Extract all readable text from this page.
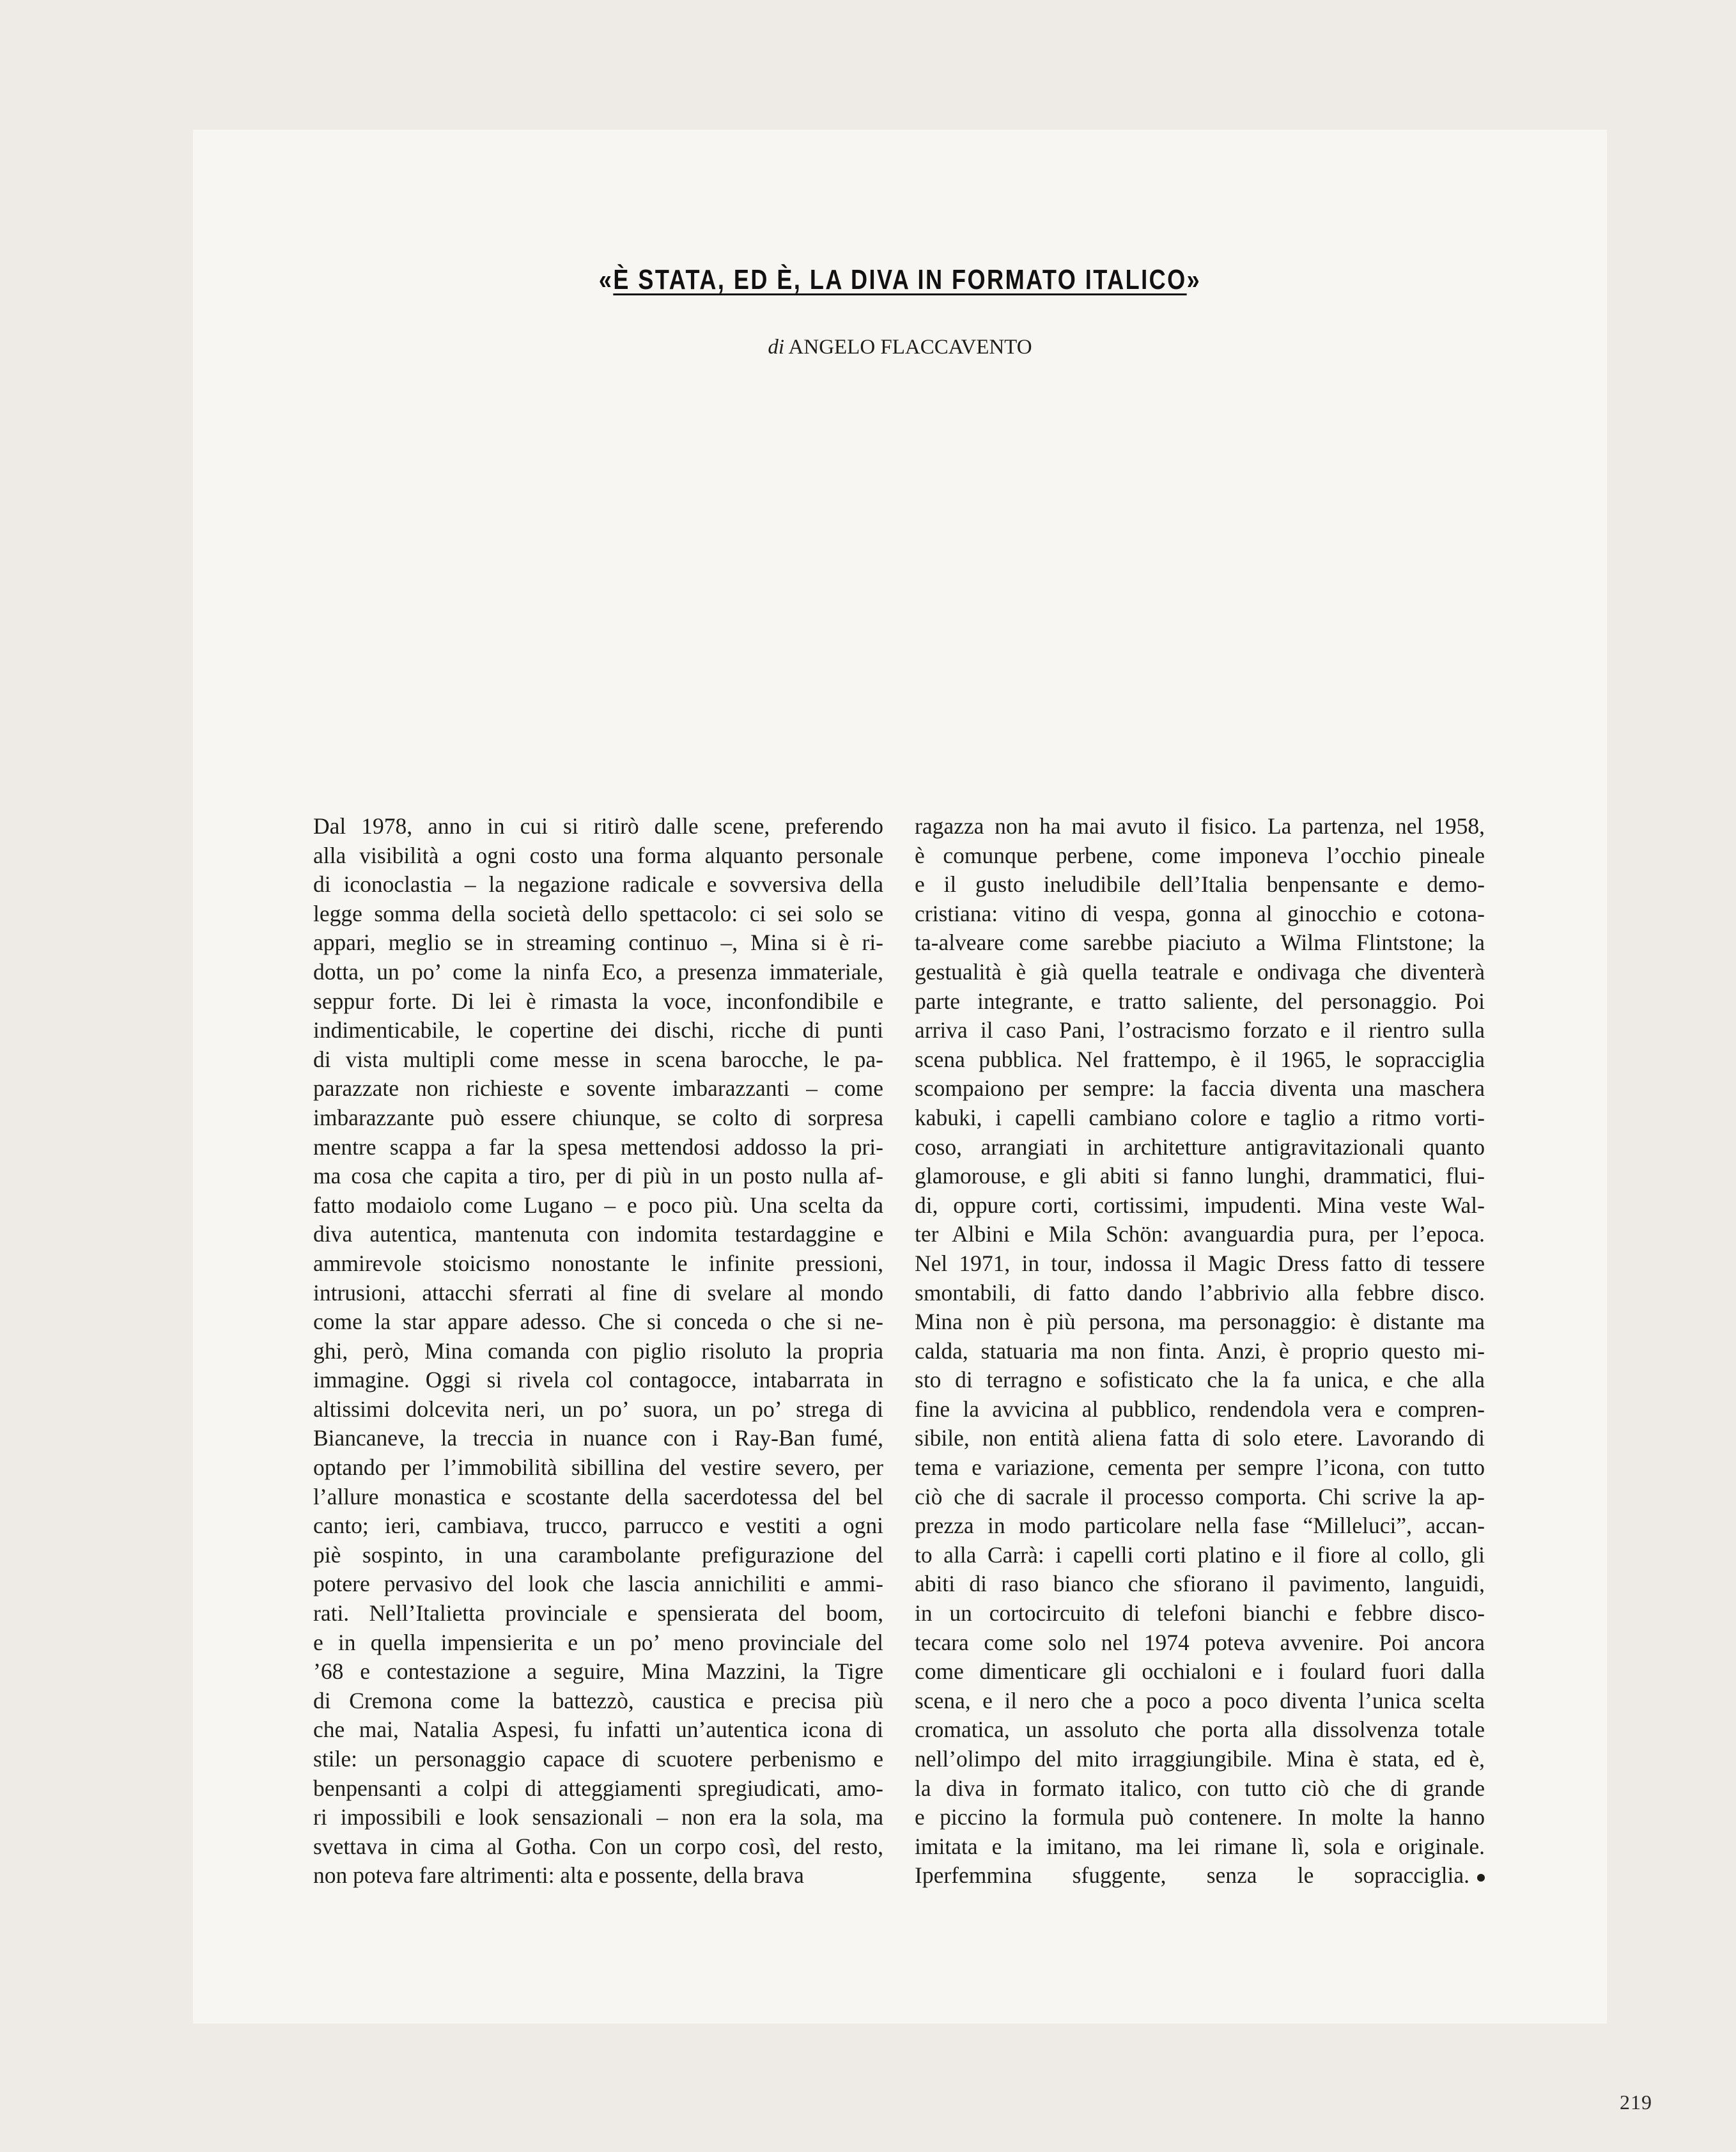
«È STATA, ED È, LA DIVA IN FORMATO ITALICO»
di ANGELO FLACCAVENTO
Dal 1978, anno in cui si ritirò dalle scene, preferendo
alla visibilità a ogni costo una forma alquanto personale
di iconoclastia – la negazione radicale e sovversiva della
legge somma della società dello spettacolo: ci sei solo se
appari, meglio se in streaming continuo –, Mina si è ri-
dotta, un po’ come la ninfa Eco, a presenza immateriale,
seppur forte. Di lei è rimasta la voce, inconfondibile e
indimenticabile, le copertine dei dischi, ricche di punti
di vista multipli come messe in scena barocche, le pa-
parazzate non richieste e sovente imbarazzanti – come
imbarazzante può essere chiunque, se colto di sorpresa
mentre scappa a far la spesa mettendosi addosso la pri-
ma cosa che capita a tiro, per di più in un posto nulla af-
fatto modaiolo come Lugano – e poco più. Una scelta da
diva autentica, mantenuta con indomita testardaggine e
ammirevole stoicismo nonostante le infinite pressioni,
intrusioni, attacchi sferrati al fine di svelare al mondo
come la star appare adesso. Che si conceda o che si ne-
ghi, però, Mina comanda con piglio risoluto la propria
immagine. Oggi si rivela col contagocce, intabarrata in
altissimi dolcevita neri, un po’ suora, un po’ strega di
Biancaneve, la treccia in nuance con i Ray-Ban fumé,
optando per l’immobilità sibillina del vestire severo, per
l’allure monastica e scostante della sacerdotessa del bel
canto; ieri, cambiava, trucco, parrucco e vestiti a ogni
piè sospinto, in una carambolante prefigurazione del
potere pervasivo del look che lascia annichiliti e ammi-
rati. Nell’Italietta provinciale e spensierata del boom,
e in quella impensierita e un po’ meno provinciale del
’68 e contestazione a seguire, Mina Mazzini, la Tigre
di Cremona come la battezzò, caustica e precisa più
che mai, Natalia Aspesi, fu infatti un’autentica icona di
stile: un personaggio capace di scuotere perbenismo e
benpensanti a colpi di atteggiamenti spregiudicati, amo-
ri impossibili e look sensazionali – non era la sola, ma
svettava in cima al Gotha. Con un corpo così, del resto,
non poteva fare altrimenti: alta e possente, della brava
ragazza non ha mai avuto il fisico. La partenza, nel 1958,
è comunque perbene, come imponeva l’occhio pineale
e il gusto ineludibile dell’Italia benpensante e demo-
cristiana: vitino di vespa, gonna al ginocchio e cotona-
ta-alveare come sarebbe piaciuto a Wilma Flintstone; la
gestualità è già quella teatrale e ondivaga che diventerà
parte integrante, e tratto saliente, del personaggio. Poi
arriva il caso Pani, l’ostracismo forzato e il rientro sulla
scena pubblica. Nel frattempo, è il 1965, le sopracciglia
scompaiono per sempre: la faccia diventa una maschera
kabuki, i capelli cambiano colore e taglio a ritmo vorti-
coso, arrangiati in architetture antigravitazionali quanto
glamorouse, e gli abiti si fanno lunghi, drammatici, flui-
di, oppure corti, cortissimi, impudenti. Mina veste Wal-
ter Albini e Mila Schön: avanguardia pura, per l’epoca.
Nel 1971, in tour, indossa il Magic Dress fatto di tessere
smontabili, di fatto dando l’abbrivio alla febbre disco.
Mina non è più persona, ma personaggio: è distante ma
calda, statuaria ma non finta. Anzi, è proprio questo mi-
sto di terragno e sofisticato che la fa unica, e che alla
fine la avvicina al pubblico, rendendola vera e compren-
sibile, non entità aliena fatta di solo etere. Lavorando di
tema e variazione, cementa per sempre l’icona, con tutto
ciò che di sacrale il processo comporta. Chi scrive la ap-
prezza in modo particolare nella fase “Milleluci”, accan-
to alla Carrà: i capelli corti platino e il fiore al collo, gli
abiti di raso bianco che sfiorano il pavimento, languidi,
in un cortocircuito di telefoni bianchi e febbre disco-
tecara come solo nel 1974 poteva avvenire. Poi ancora
come dimenticare gli occhialoni e i foulard fuori dalla
scena, e il nero che a poco a poco diventa l’unica scelta
cromatica, un assoluto che porta alla dissolvenza totale
nell’olimpo del mito irraggiungibile. Mina è stata, ed è,
la diva in formato italico, con tutto ciò che di grande
e piccino la formula può contenere. In molte la hanno
imitata e la imitano, ma lei rimane lì, sola e originale.
Iperfemmina sfuggente, senza le sopracciglia.
219
